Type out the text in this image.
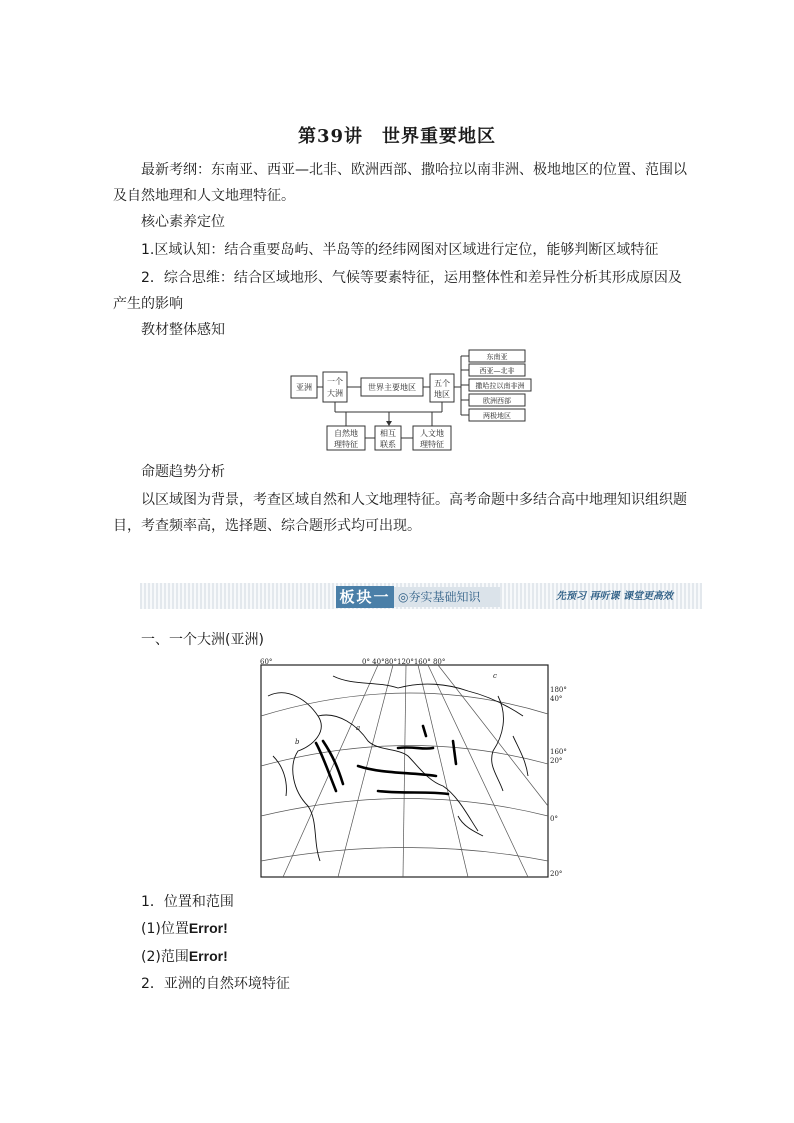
第39讲　世界重要地区
最新考纲：东南亚、西亚—北非、欧洲西部、撒哈拉以南非洲、极地地区的位置、范围以及自然地理和人文地理特征。
核心素养定位
1.区域认知：结合重要岛屿、半岛等的经纬网图对区域进行定位，能够判断区域特征
2．综合思维：结合区域地形、气候等要素特征，运用整体性和差异性分析其形成原因及产生的影响
教材整体感知
亚洲
一个
大洲
世界主要地区 五个
地区
东南亚
西亚—北非
撒哈拉以南非洲
欧洲西部
两极地区
自然地
理特征
相互
联系
人文地
理特征
命题趋势分析
以区域图为背景，考查区域自然和人文地理特征。高考命题中多结合高中地理知识组织题目，考查频率高，选择题、综合题形式均可出现。
板块一 ◎夯实基础知识	先预习 再听课 课堂更高效
一、一个大洲(亚洲)
60°	0° 40°80°120°160° 80°
180°
40°
160°
20°
0°
20°
a
b
c
1．位置和范围
(1)位置Error!
(2)范围Error!
2．亚洲的自然环境特征
